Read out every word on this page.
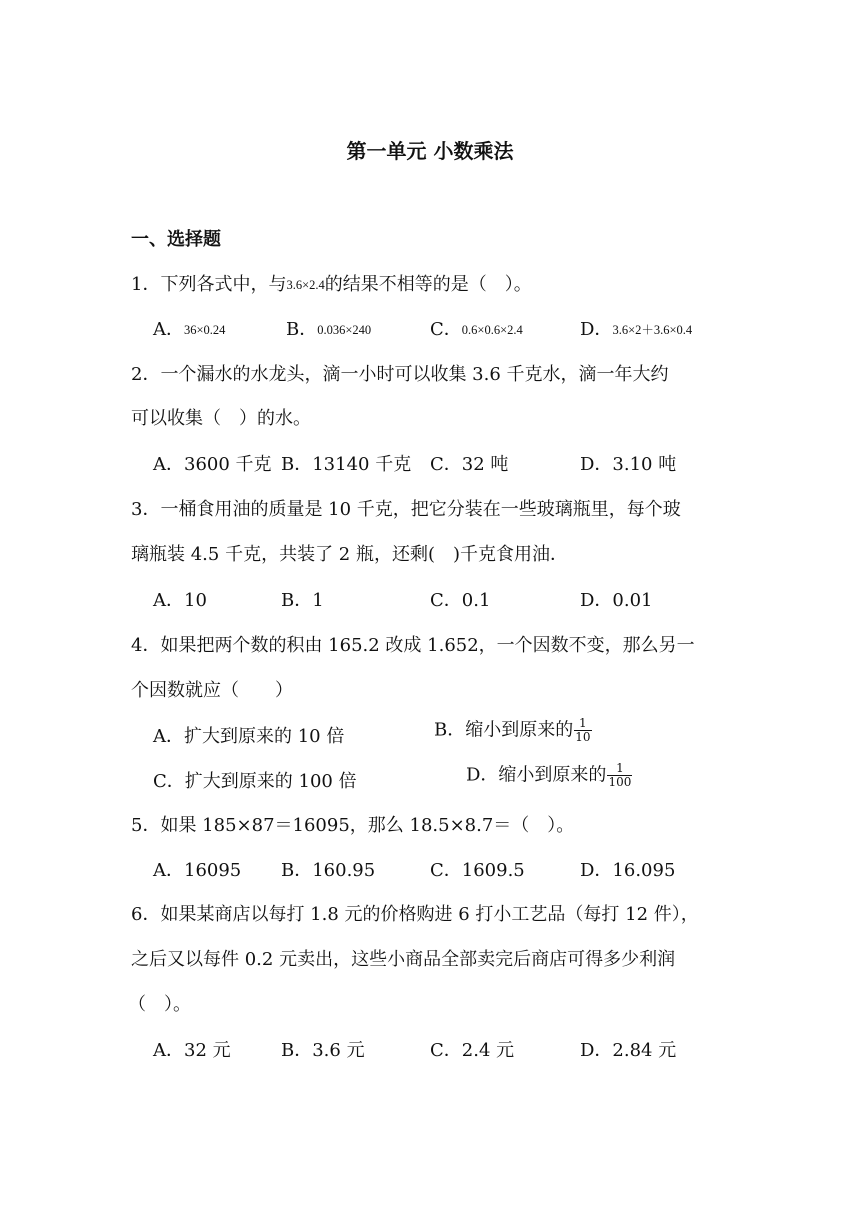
第一单元 小数乘法
一、选择题
1．下列各式中，与3.6×2.4的结果不相等的是（　）。
A．36×0.24	B．0.036×240	C．0.6×0.6×2.4	D．3.6×2＋3.6×0.4
2．一个漏水的水龙头，滴一小时可以收集 3.6 千克水，滴一年大约
可以收集（　）的水。
A．3600 千克 B．13140 千克 C．32 吨	D．3.10 吨
3．一桶食用油的质量是 10 千克，把它分装在一些玻璃瓶里，每个玻
璃瓶装 4.5 千克，共装了 2 瓶，还剩(　)千克食用油．
A．10	B．1	C．0.1	D．0.01
4．如果把两个数的积由 165.2 改成 1.652，一个因数不变，那么另一
个因数就应（　　）
A．扩大到原来的 10 倍	B．缩小到原来的 $\frac{1}{10}$
C．扩大到原来的 100 倍	D．缩小到原来的 $\frac{1}{100}$
5．如果 185×87＝16095，那么 18.5×8.7＝（　）。
A．16095 B．160.95	C．1609.5	D．16.095
6．如果某商店以每打 1.8 元的价格购进 6 打小工艺品（每打 12 件），
之后又以每件 0.2 元卖出，这些小商品全部卖完后商店可得多少利润
（　）。
A．32 元	B．3.6 元	C．2.4 元	D．2.84 元
